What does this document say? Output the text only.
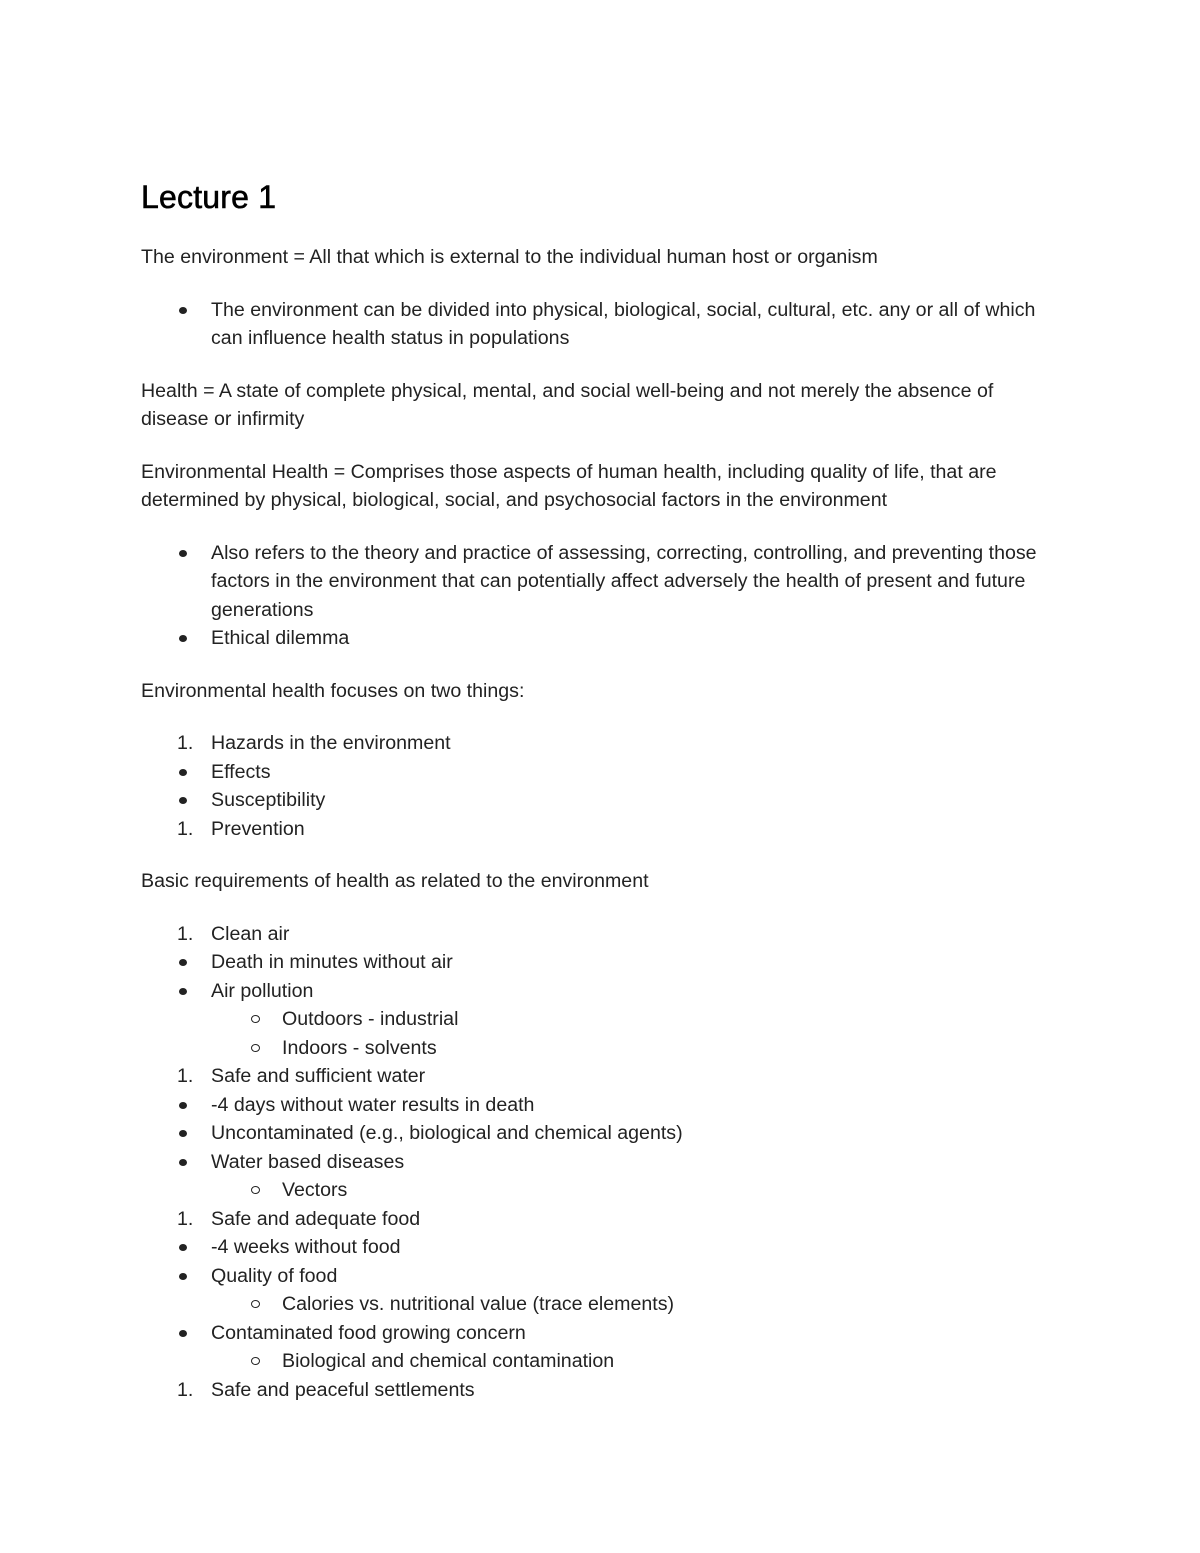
Lecture 1

The environment = All that which is external to the individual human host or organism

The environment can be divided into physical, biological, social, cultural, etc. any or all of which can influence health status in populations

Health = A state of complete physical, mental, and social well-being and not merely the absence of disease or infirmity

Environmental Health = Comprises those aspects of human health, including quality of life, that are determined by physical, biological, social, and psychosocial factors in the environment

Also refers to the theory and practice of assessing, correcting, controlling, and preventing those factors in the environment that can potentially affect adversely the health of present and future generations
Ethical dilemma

Environmental health focuses on two things:

1. Hazards in the environment
Effects
Susceptibility
1. Prevention

Basic requirements of health as related to the environment

1. Clean air
Death in minutes without air
Air pollution
Outdoors - industrial
Indoors - solvents
1. Safe and sufficient water
-4 days without water results in death
Uncontaminated (e.g., biological and chemical agents)
Water based diseases
Vectors
1. Safe and adequate food
-4 weeks without food
Quality of food
Calories vs. nutritional value (trace elements)
Contaminated food growing concern
Biological and chemical contamination
1. Safe and peaceful settlements
